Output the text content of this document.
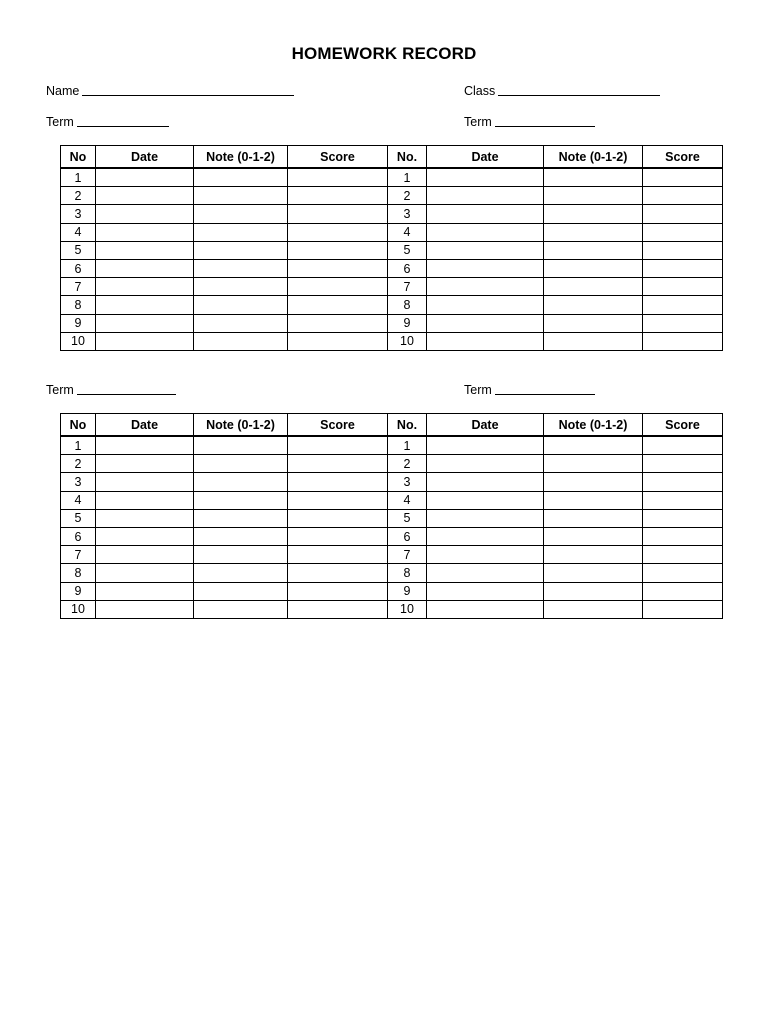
HOMEWORK RECORD
Name	Class
Term	Term
No	Date	Note (0-1-2)	Score	No.	Date	Note (0-1-2)	Score
1				1			
2				2			
3				3			
4				4			
5				5			
6				6			
7				7			
8				8			
9				9			
10				10			
Term	Term
No	Date	Note (0-1-2)	Score	No.	Date	Note (0-1-2)	Score
1				1			
2				2			
3				3			
4				4			
5				5			
6				6			
7				7			
8				8			
9				9			
10				10			
